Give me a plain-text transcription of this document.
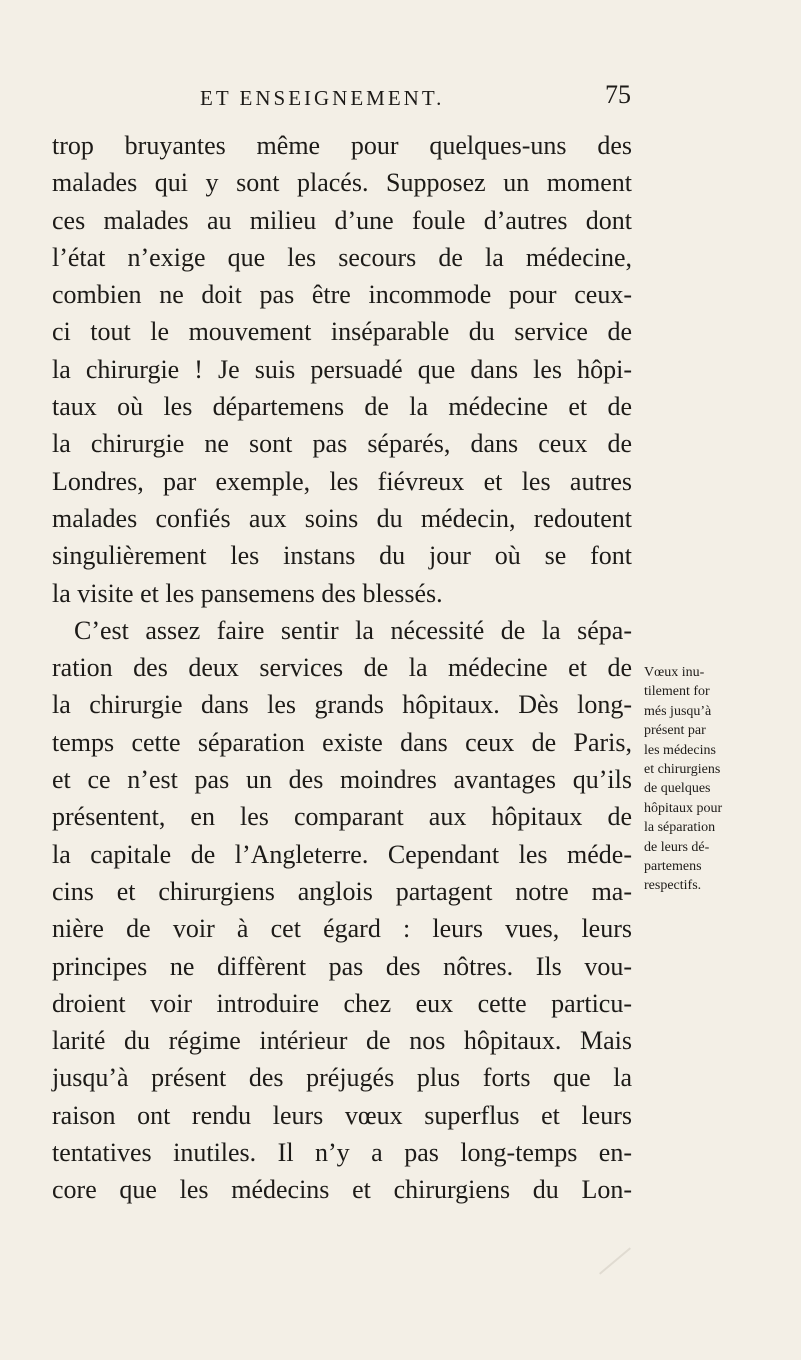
ET ENSEIGNEMENT.	75
trop bruyantes même pour quelques-uns des
malades qui y sont placés. Supposez un moment
ces malades au milieu d’une foule d’autres dont
l’état n’exige que les secours de la médecine,
combien ne doit pas être incommode pour ceux-
ci tout le mouvement inséparable du service de
la chirurgie ! Je suis persuadé que dans les hôpi-
taux où les départemens de la médecine et de
la chirurgie ne sont pas séparés, dans ceux de
Londres, par exemple, les fiévreux et les autres
malades confiés aux soins du médecin, redoutent
singulièrement les instans du jour où se font
la visite et les pansemens des blessés.
C’est assez faire sentir la nécessité de la sépa-
ration des deux services de la médecine et de
la chirurgie dans les grands hôpitaux. Dès long-
temps cette séparation existe dans ceux de Paris,
et ce n’est pas un des moindres avantages qu’ils
présentent, en les comparant aux hôpitaux de
la capitale de l’Angleterre. Cependant les méde-
cins et chirurgiens anglois partagent notre ma-
nière de voir à cet égard : leurs vues, leurs
principes ne diffèrent pas des nôtres. Ils vou-
droient voir introduire chez eux cette particu-
larité du régime intérieur de nos hôpitaux. Mais
jusqu’à présent des préjugés plus forts que la
raison ont rendu leurs vœux superflus et leurs
tentatives inutiles. Il n’y a pas long-temps en-
core que les médecins et chirurgiens du Lon-
Vœux inu-
tilement for
més jusqu’à
présent par
les médecins
et chirurgiens
de quelques
hôpitaux pour
la séparation
de leurs dé-
partemens
respectifs.
